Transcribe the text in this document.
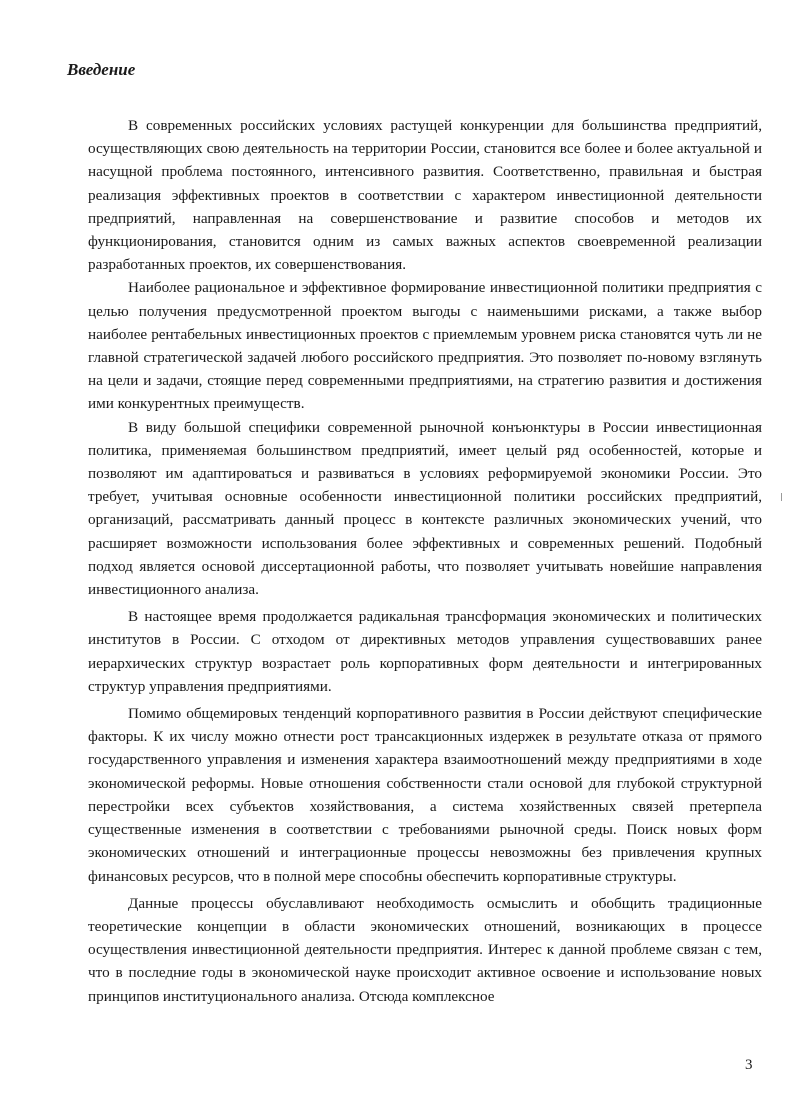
Введение

В современных российских условиях растущей конкуренции для большинства предприятий, осуществляющих свою деятельность на территории России, становится все более и более актуальной и насущной проблема постоянного, интенсивного развития. Соответственно, правильная и быстрая реализация эффективных проектов в соответствии с характером инвестиционной деятельности предприятий, направленная на совершенствование и развитие способов и методов их функционирования, становится одним из самых важных аспектов своевременной реализации разработанных проектов, их совершенствования.

Наиболее рациональное и эффективное формирование инвестиционной политики предприятия с целью получения предусмотренной проектом выгоды с наименьшими рисками, а также выбор наиболее рентабельных инвестиционных проектов с приемлемым уровнем риска становятся чуть ли не главной стратегической задачей любого российского предприятия. Это позволяет по-новому взглянуть на цели и задачи, стоящие перед современными предприятиями, на стратегию развития и достижения ими конкурентных преимуществ.

В виду большой специфики современной рыночной конъюнктуры в России инвестиционная политика, применяемая большинством предприятий, имеет целый ряд особенностей, которые и позволяют им адаптироваться и развиваться в условиях реформируемой экономики России. Это требует, учитывая основные особенности инвестиционной политики российских предприятий, организаций, рассматривать данный процесс в контексте различных экономических учений, что расширяет возможности использования более эффективных и современных решений. Подобный подход является основой диссертационной работы, что позволяет учитывать новейшие направления инвестиционного анализа.

В настоящее время продолжается радикальная трансформация экономических и политических институтов в России. С отходом от директивных методов управления существовавших ранее иерархических структур возрастает роль корпоративных форм деятельности и интегрированных структур управления предприятиями.

Помимо общемировых тенденций корпоративного развития в России действуют специфические факторы. К их числу можно отнести рост трансакционных издержек в результате отказа от прямого государственного управления и изменения характера взаимоотношений между предприятиями в ходе экономической реформы. Новые отношения собственности стали основой для глубокой структурной перестройки всех субъектов хозяйствования, а система хозяйственных связей претерпела существенные изменения в соответствии с требованиями рыночной среды. Поиск новых форм экономических отношений и интеграционные процессы невозможны без привлечения крупных финансовых ресурсов, что в полной мере способны обеспечить корпоративные структуры.

Данные процессы обуславливают необходимость осмыслить и обобщить традиционные теоретические концепции в области экономических отношений, возникающих в процессе осуществления инвестиционной деятельности предприятия. Интерес к данной проблеме связан с тем, что в последние годы в экономической науке происходит активное освоение и использование новых принципов институционального анализа. Отсюда комплексное

3
